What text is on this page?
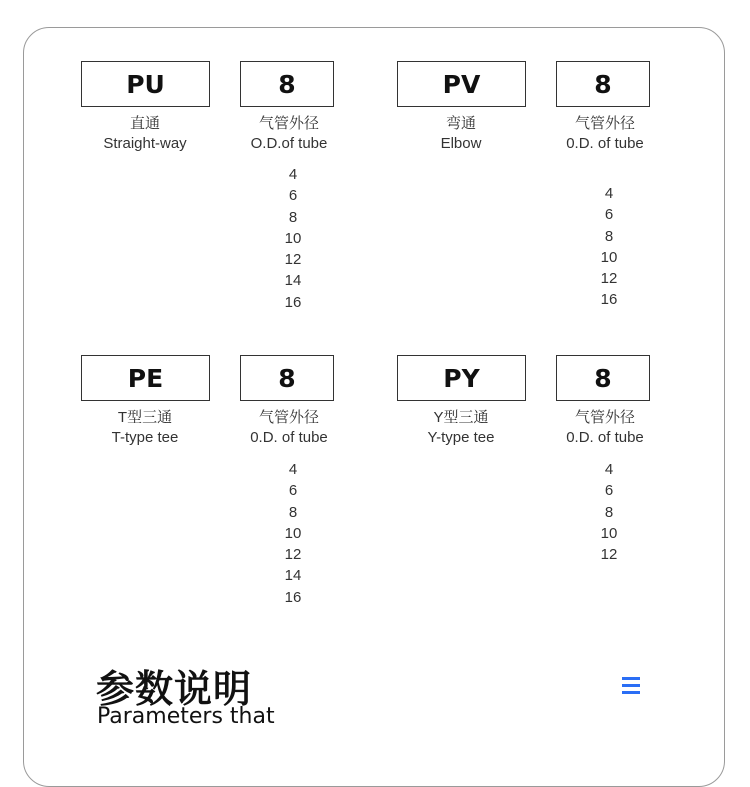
PU	8
直通
Straight-way
气管外径
O.D.of tube
4
6
8
10
12
14
16
PV	8
弯通
Elbow
气管外径
0.D. of tube
4
6
8
10
12
16
PE	8
T型三通
T-type tee
气管外径
0.D. of tube
4
6
8
10
12
14
16
PY	8
Y型三通
Y-type tee
气管外径
0.D. of tube
4
6
8
10
12
参数说明
Parameters that
